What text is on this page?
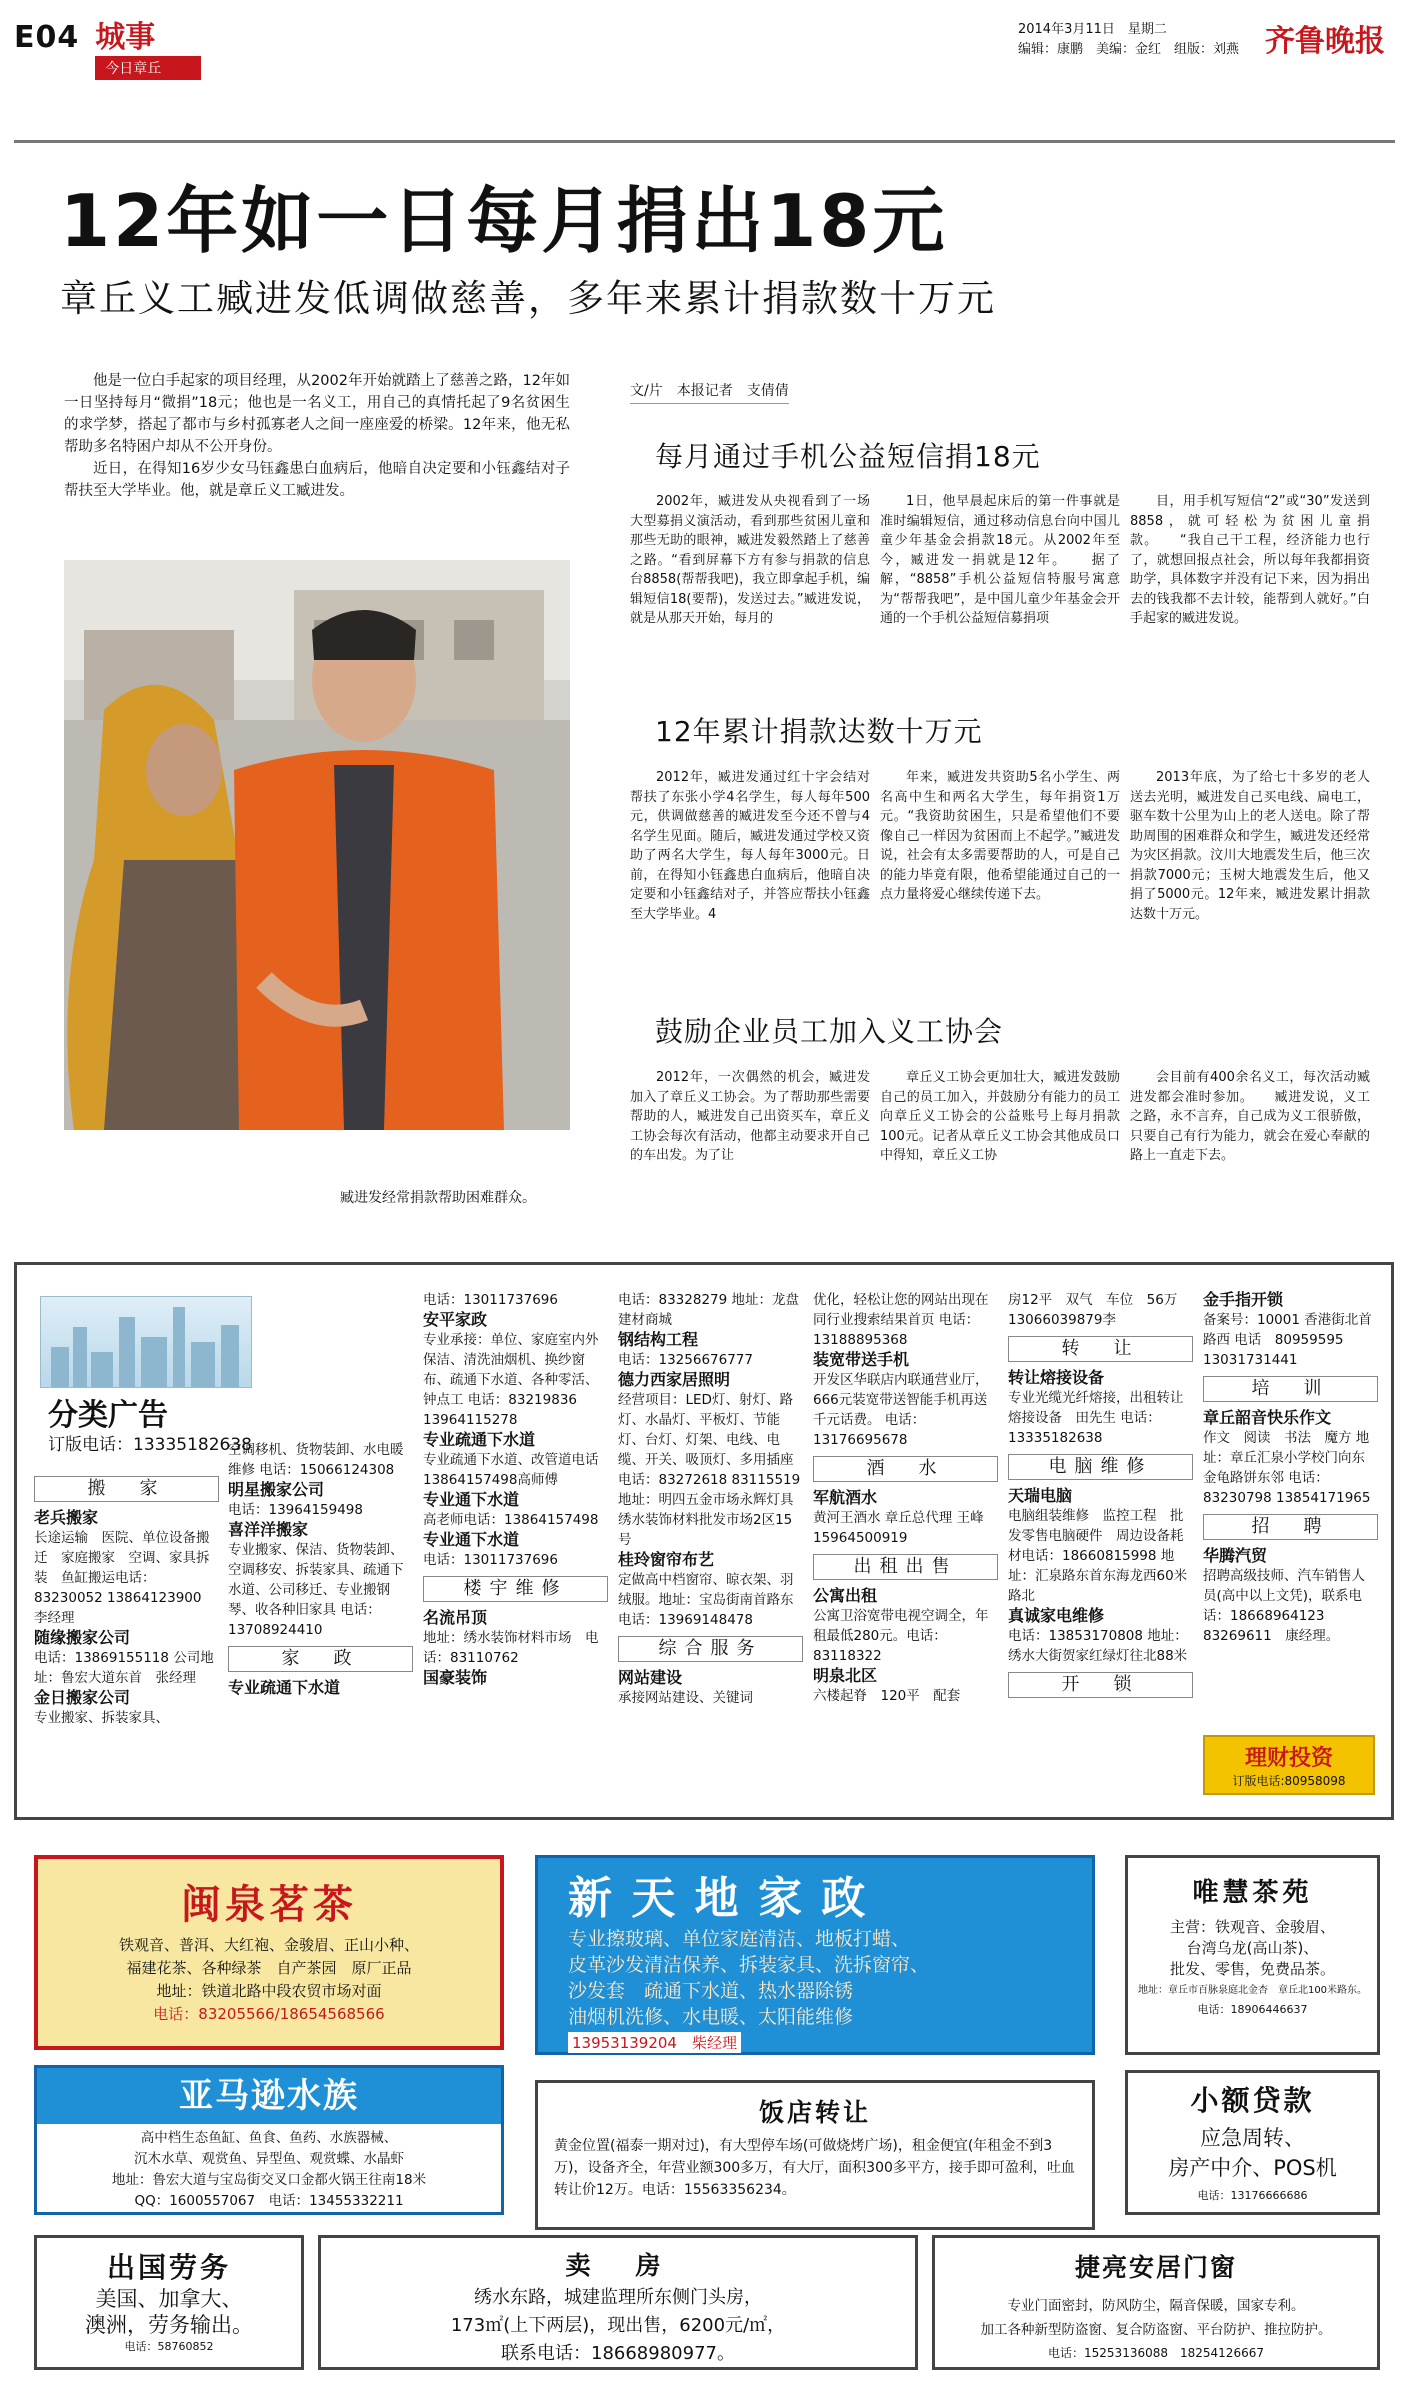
E04 城事
今日章丘
2014年3月11日　星期二
编辑：康鹏　美编：金红　组版：刘燕 齐鲁晚报
12年如一日每月捐出18元
章丘义工臧进发低调做慈善，多年来累计捐款数十万元

他是一位白手起家的项目经理，从2002年开始就踏上了慈善之路，12年如一日坚持每月“微捐”18元；他也是一名义工，用自己的真情托起了9名贫困生的求学梦，搭起了都市与乡村孤寡老人之间一座座爱的桥梁。12年来，他无私帮助多名特困户却从不公开身份。

近日，在得知16岁少女马钰鑫患白血病后，他暗自决定要和小钰鑫结对子帮扶至大学毕业。他，就是章丘义工臧进发。

臧进发经常捐款帮助困难群众。
文/片　本报记者　支倩倩
每月通过手机公益短信捐18元
2002年，臧进发从央视看到了一场大型募捐义演活动，看到那些贫困儿童和那些无助的眼神，臧进发毅然踏上了慈善之路。“看到屏幕下方有参与捐款的信息台8858(帮帮我吧)，我立即拿起手机，编辑短信18(要帮)，发送过去。”臧进发说，就是从那天开始，每月的
1日，他早晨起床后的第一件事就是准时编辑短信，通过移动信息台向中国儿童少年基金会捐款18元。从2002年至今，臧进发一捐就是12年。　　据了解，“8858”手机公益短信特服号寓意为“帮帮我吧”，是中国儿童少年基金会开通的一个手机公益短信募捐项
目，用手机写短信“2”或“30”发送到8858，就可轻松为贫困儿童捐款。　　“我自己干工程，经济能力也行了，就想回报点社会，所以每年我都捐资助学，具体数字并没有记下来，因为捐出去的钱我都不去计较，能帮到人就好。”白手起家的臧进发说。
12年累计捐款达数十万元
2012年，臧进发通过红十字会结对帮扶了东张小学4名学生，每人每年500元，供调做慈善的臧进发至今还不曾与4名学生见面。随后，臧进发通过学校又资助了两名大学生，每人每年3000元。日前，在得知小钰鑫患白血病后，他暗自决定要和小钰鑫结对子，并答应帮扶小钰鑫至大学毕业。4
年来，臧进发共资助5名小学生、两名高中生和两名大学生，每年捐资1万元。“我资助贫困生，只是希望他们不要像自己一样因为贫困而上不起学。”臧进发说，社会有太多需要帮助的人，可是自己的能力毕竟有限，他希望能通过自己的一点力量将爱心继续传递下去。
2013年底，为了给七十多岁的老人送去光明，臧进发自己买电线、扁电工，驱车数十公里为山上的老人送电。除了帮助周围的困难群众和学生，臧进发还经常为灾区捐款。汶川大地震发生后，他三次捐款7000元；玉树大地震发生后，他又捐了5000元。12年来，臧进发累计捐款达数十万元。
鼓励企业员工加入义工协会
2012年，一次偶然的机会，臧进发加入了章丘义工协会。为了帮助那些需要帮助的人，臧进发自己出资买车，章丘义工协会每次有活动，他都主动要求开自己的车出发。为了让
章丘义工协会更加壮大，臧进发鼓励自己的员工加入，并鼓励分有能力的员工向章丘义工协会的公益账号上每月捐款100元。记者从章丘义工协会其他成员口中得知，章丘义工协
会目前有400余名义工，每次活动臧进发都会准时参加。　　臧进发说，义工之路，永不言弃，自己成为义工很骄傲，只要自己有行为能力，就会在爱心奉献的路上一直走下去。
分类广告
订版电话：13335182638
搬　家
老兵搬家
长途运输　医院、单位设备搬迁　家庭搬家　空调、家具拆装　鱼缸搬运电话：83230052 13864123900　李经理
随缘搬家公司
电话：13869155118 公司地址：鲁宏大道东首　张经理
金日搬家公司
专业搬家、拆装家具、
空调移机、货物装卸、水电暖维修 电话：15066124308
明星搬家公司
电话：13964159498
喜洋洋搬家
专业搬家、保洁、货物装卸、空调移安、拆装家具、疏通下水道、公司移迁、专业搬钢琴、收各种旧家具 电话：13708924410
家　政
专业疏通下水道
电话：13011737696
安平家政
专业承接：单位、家庭室内外保洁、清洗油烟机、换纱窗布、疏通下水道、各种零活、钟点工 电话：83219836 13964115278
专业疏通下水道
专业疏通下水道、改管道电话13864157498高师傅
专业通下水道
高老师电话：13864157498
专业通下水道
电话：13011737696
楼宇维修
名流吊顶
地址：绣水装饰材料市场　电话：83110762
国豪装饰
电话：83328279 地址：龙盘建材商城
钢结构工程
电话：13256676777
德力西家居照明
经营项目：LED灯、射灯、路灯、水晶灯、平板灯、节能灯、台灯、灯架、电线、电缆、开关、吸顶灯、多用插座 电话：83272618 83115519 地址：明四五金市场永辉灯具绣水装饰材料批发市场2区15号
桂玲窗帘布艺
定做高中档窗帘、晾衣架、羽绒服。地址：宝岛街南首路东 电话：13969148478
综合服务
网站建设
承接网站建设、关键词
优化，轻松让您的网站出现在同行业搜索结果首页 电话：13188895368
装宽带送手机
开发区华联店内联通营业厅，666元装宽带送智能手机再送千元话费。 电话：13176695678
酒　水
军航酒水
黄河王酒水 章丘总代理 王峰　15964500919
出租出售
公寓出租
公寓卫浴宽带电视空调全，年租最低280元。电话：83118322
明泉北区
六楼起脊　120平　配套
房12平　双气　车位　56万　13066039879李
转　让
转让熔接设备
专业光缆光纤熔接，出租转让熔接设备　田先生 电话：13335182638
电脑维修
天瑞电脑
电脑组装维修　监控工程　批发零售电脑硬件　周边设备耗材电话：18660815998 地址：汇泉路东首东海龙西60米路北
真诚家电维修
电话：13853170808 地址：绣水大街贺家红绿灯往北88米
开　锁
金手指开锁
备案号：10001 香港街北首路西 电话　80959595 13031731441
培　训
章丘韶音快乐作文
作文　阅读　书法　魔方 地址：章丘汇泉小学校门向东金龟路饼东邻 电话：83230798 13854171965
招　聘
华腾汽贸
招聘高级技师、汽车销售人员(高中以上文凭)，联系电话：18668964123 83269611　康经理。
理财投资
订版电话:80958098
闽泉茗茶
铁观音、普洱、大红袍、金骏眉、正山小种、
福建花茶、各种绿茶　自产茶园　原厂正品
地址：铁道北路中段农贸市场对面
电话：83205566/18654568566
新 天 地 家 政
专业擦玻璃、单位家庭清洁、地板打蜡、
皮革沙发清洁保养、拆装家具、洗拆窗帘、
沙发套　疏通下水道、热水器除锈
油烟机洗修、水电暖、太阳能维修
13953139204　柴经理
唯慧茶苑
主营：铁观音、金骏眉、
台湾乌龙(高山茶)、
批发、零售，免费品茶。
地址：章丘市百脉泉庭北金杏　章丘北100米路东。
电话：18906446637
亚马逊水族
高中档生态鱼缸、鱼食、鱼药、水族器械、
沉木水草、观赏鱼、异型鱼、观赏蝶、水晶虾
地址：鲁宏大道与宝岛街交叉口金都火锅王往南18米
QQ：1600557067　电话：13455332211
饭店转让
黄金位置(福泰一期对过)，有大型停车场(可做烧烤广场)，租金便宜(年租金不到3万)，设备齐全，年营业额300多万，有大厅，面积300多平方，接手即可盈利，吐血转让价12万。电话：15563356234。
小额贷款
应急周转、
房产中介、POS机
电话：13176666686
出国劳务
美国、加拿大、
澳洲，劳务输出。
电话：58760852
卖　房
绣水东路，城建监理所东侧门头房，
173㎡(上下两层)，现出售，6200元/㎡，
联系电话：18668980977。
捷亮安居门窗
专业门面密封，防风防尘，隔音保暖，国家专利。
加工各种新型防盗窗、复合防盗窗、平台防护、推拉防护。
电话：15253136088　18254126667
